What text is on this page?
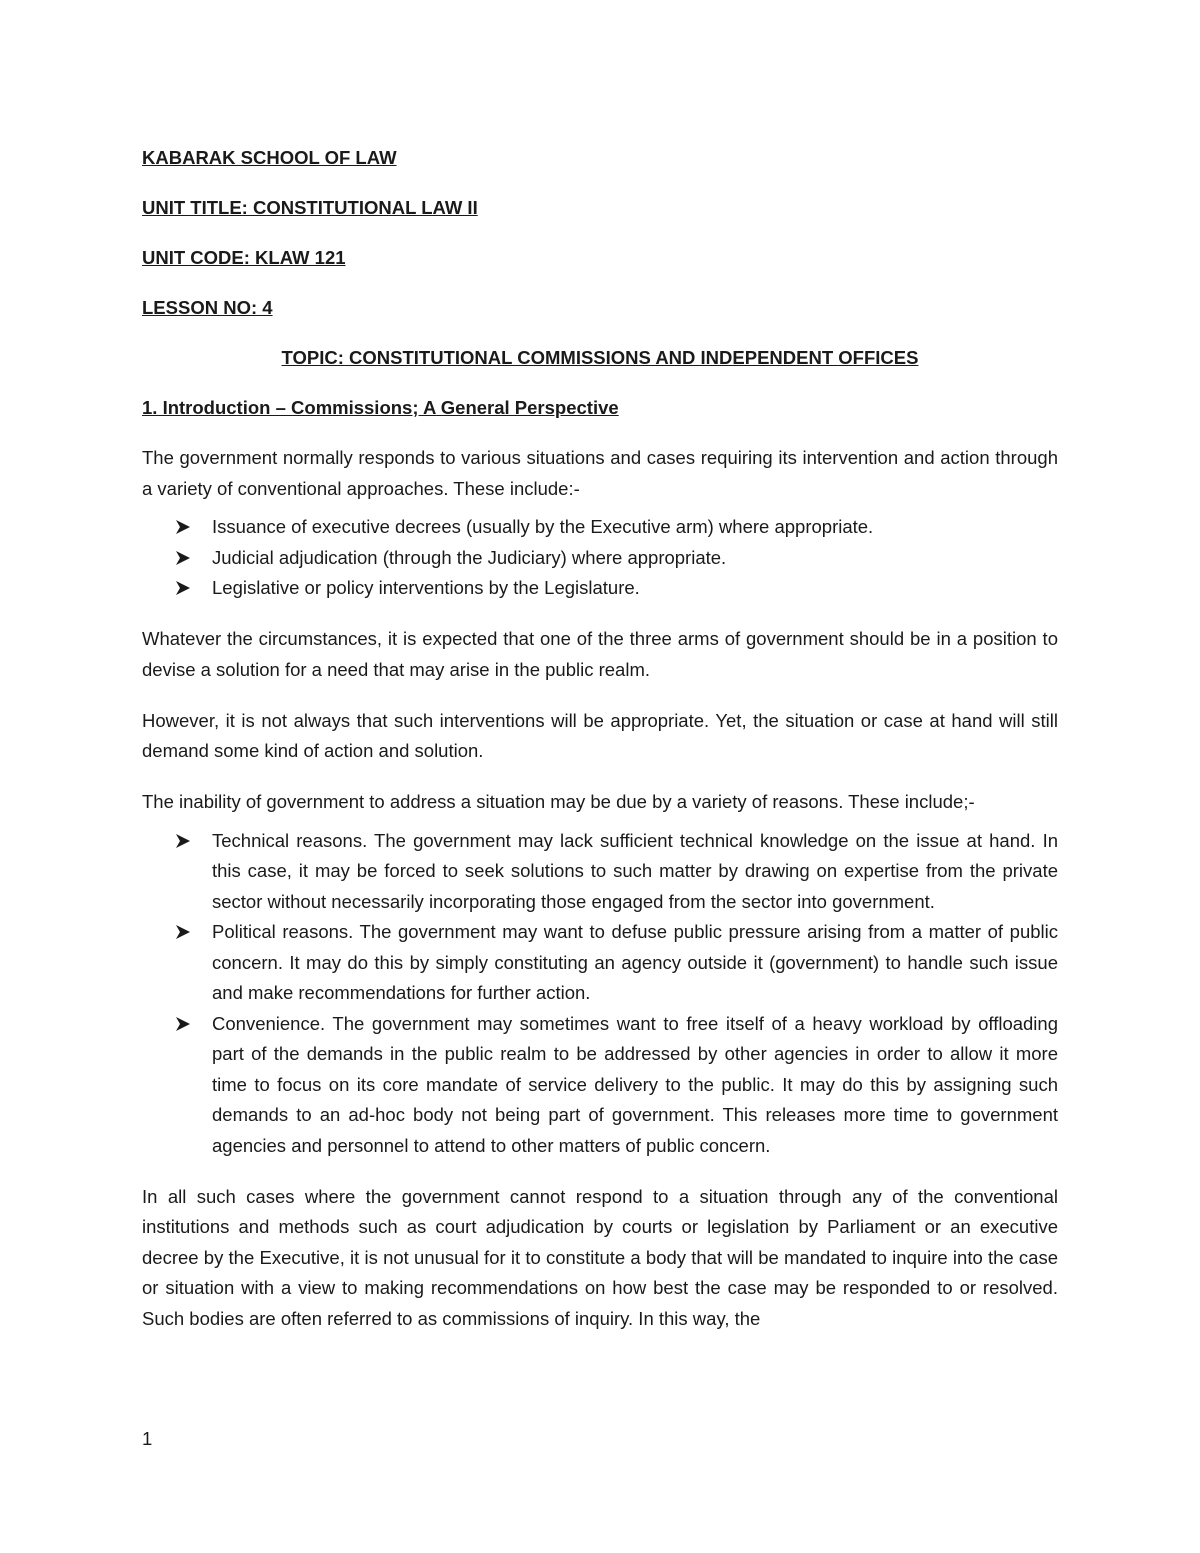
KABARAK SCHOOL OF LAW
UNIT TITLE: CONSTITUTIONAL LAW II
UNIT CODE: KLAW 121
LESSON NO: 4
TOPIC: CONSTITUTIONAL COMMISSIONS AND INDEPENDENT OFFICES
1. Introduction – Commissions; A General Perspective

The government normally responds to various situations and cases requiring its intervention and action through a variety of conventional approaches. These include:-

Issuance of executive decrees (usually by the Executive arm) where appropriate.
Judicial adjudication (through the Judiciary) where appropriate.
Legislative or policy interventions by the Legislature.

Whatever the circumstances, it is expected that one of the three arms of government should be in a position to devise a solution for a need that may arise in the public realm.

However, it is not always that such interventions will be appropriate. Yet, the situation or case at hand will still demand some kind of action and solution.

The inability of government to address a situation may be due by a variety of reasons. These include;-

Technical reasons. The government may lack sufficient technical knowledge on the issue at hand. In this case, it may be forced to seek solutions to such matter by drawing on expertise from the private sector without necessarily incorporating those engaged from the sector into government.
Political reasons. The government may want to defuse public pressure arising from a matter of public concern. It may do this by simply constituting an agency outside it (government) to handle such issue and make recommendations for further action.
Convenience. The government may sometimes want to free itself of a heavy workload by offloading part of the demands in the public realm to be addressed by other agencies in order to allow it more time to focus on its core mandate of service delivery to the public. It may do this by assigning such demands to an ad-hoc body not being part of government. This releases more time to government agencies and personnel to attend to other matters of public concern.

In all such cases where the government cannot respond to a situation through any of the conventional institutions and methods such as court adjudication by courts or legislation by Parliament or an executive decree by the Executive, it is not unusual for it to constitute a body that will be mandated to inquire into the case or situation with a view to making recommendations on how best the case may be responded to or resolved. Such bodies are often referred to as commissions of inquiry. In this way, the

1
